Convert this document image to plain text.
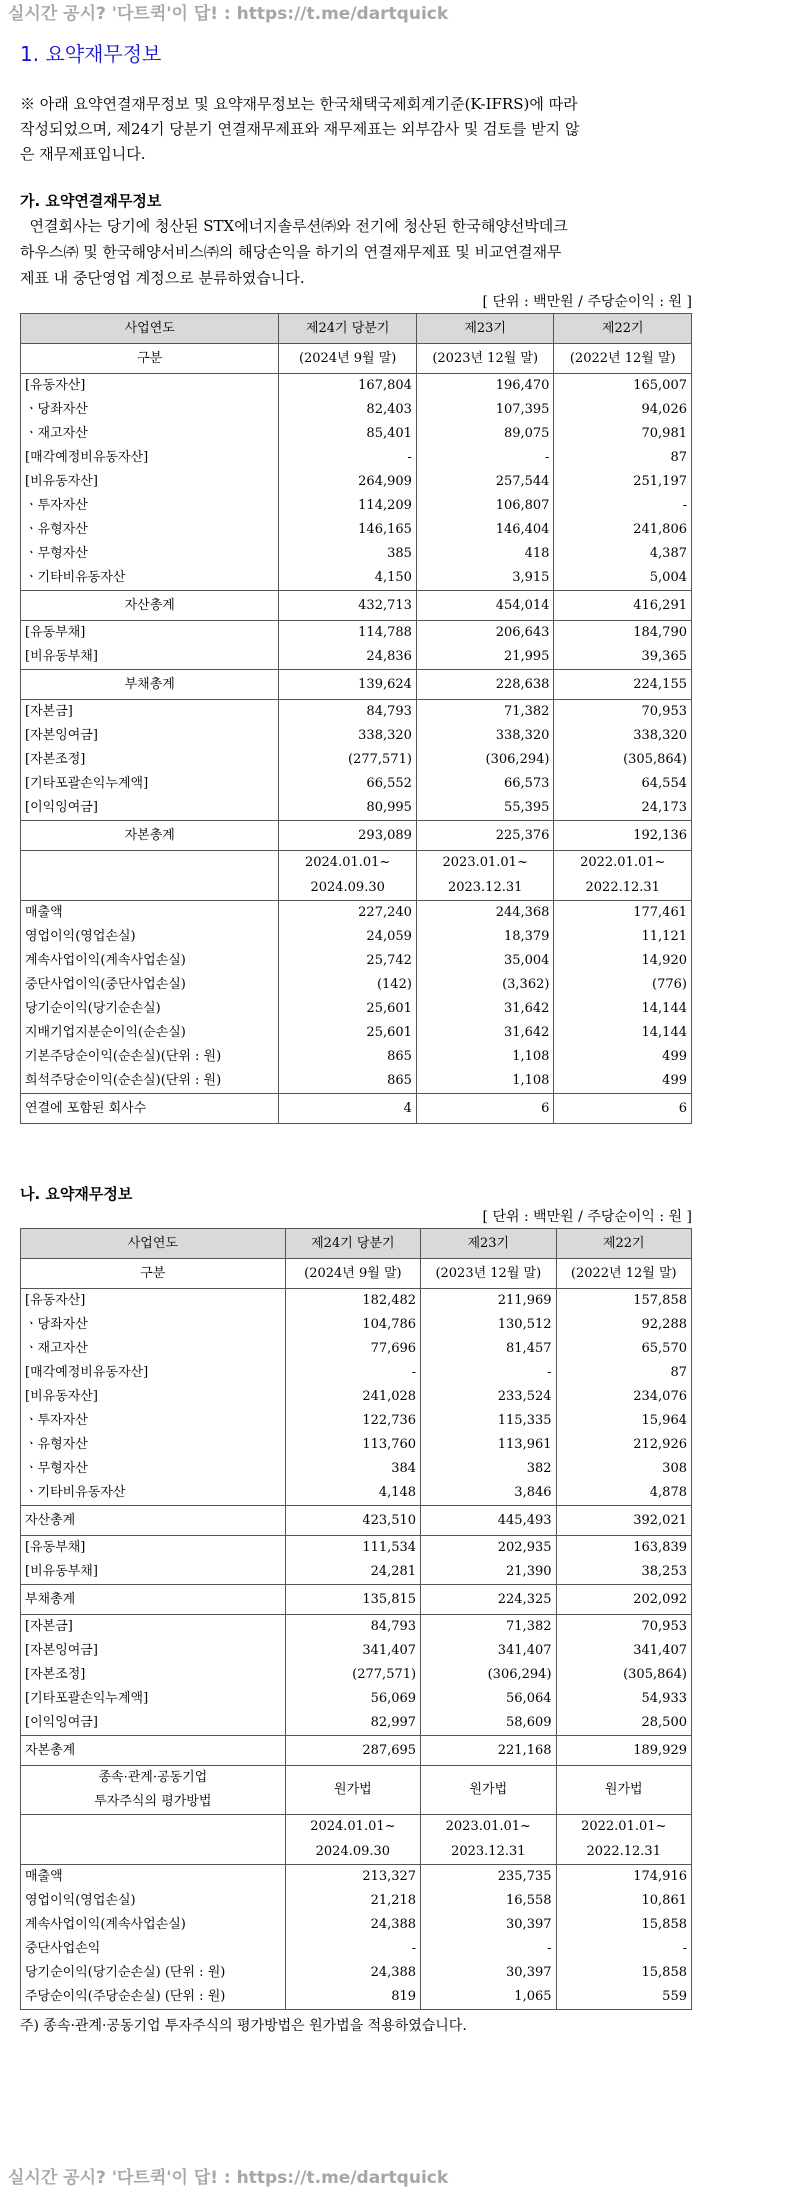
실시간 공시? '다트퀵'이 답! : https://t.me/dartquick
1. 요약재무정보
※ 아래 요약연결재무정보 및 요약재무정보는 한국채택국제회계기준(K-IFRS)에 따라
작성되었으며, 제24기 당분기 연결재무제표와 재무제표는 외부감사 및 검토를 받지 않
은 재무제표입니다.
가. 요약연결재무정보
연결회사는 당기에 청산된 STX에너지솔루션㈜와 전기에 청산된 한국해양선박데크
하우스㈜ 및 한국해양서비스㈜의 해당손익을 하기의 연결재무제표 및 비교연결재무
제표 내 중단영업 계정으로 분류하였습니다.
[ 단위 : 백만원 / 주당순이익 : 원 ]
사업연도	제24기 당분기	제23기	제22기
구분	(2024년 9월 말)	(2023년 12월 말)	(2022년 12월 말)
[유동자산]	167,804	196,470	165,007
ㆍ당좌자산	82,403	107,395	94,026
ㆍ재고자산	85,401	89,075	70,981
[매각예정비유동자산]	-	-	87
[비유동자산]	264,909	257,544	251,197
ㆍ투자자산	114,209	106,807	-
ㆍ유형자산	146,165	146,404	241,806
ㆍ무형자산	385	418	4,387
ㆍ기타비유동자산	4,150	3,915	5,004
자산총계	432,713	454,014	416,291
[유동부채]	114,788	206,643	184,790
[비유동부채]	24,836	21,995	39,365
부채총계	139,624	228,638	224,155
[자본금]	84,793	71,382	70,953
[자본잉여금]	338,320	338,320	338,320
[자본조정]	(277,571)	(306,294)	(305,864)
[기타포괄손익누계액]	66,552	66,573	64,554
[이익잉여금]	80,995	55,395	24,173
자본총계	293,089	225,376	192,136
	2024.01.01~	2023.01.01~	2022.01.01~
	2024.09.30	2023.12.31	2022.12.31
매출액	227,240	244,368	177,461
영업이익(영업손실)	24,059	18,379	11,121
계속사업이익(계속사업손실)	25,742	35,004	14,920
중단사업이익(중단사업손실)	(142)	(3,362)	(776)
당기순이익(당기순손실)	25,601	31,642	14,144
지배기업지분순이익(순손실)	25,601	31,642	14,144
기본주당순이익(순손실)(단위 : 원)	865	1,108	499
희석주당순이익(순손실)(단위 : 원)	865	1,108	499
연결에 포함된 회사수	4	6	6
나. 요약재무정보
[ 단위 : 백만원 / 주당순이익 : 원 ]
사업연도	제24기 당분기	제23기	제22기
구분	(2024년 9월 말)	(2023년 12월 말)	(2022년 12월 말)
[유동자산]	182,482	211,969	157,858
ㆍ당좌자산	104,786	130,512	92,288
ㆍ재고자산	77,696	81,457	65,570
[매각예정비유동자산]	-	-	87
[비유동자산]	241,028	233,524	234,076
ㆍ투자자산	122,736	115,335	15,964
ㆍ유형자산	113,760	113,961	212,926
ㆍ무형자산	384	382	308
ㆍ기타비유동자산	4,148	3,846	4,878
자산총계	423,510	445,493	392,021
[유동부채]	111,534	202,935	163,839
[비유동부채]	24,281	21,390	38,253
부채총계	135,815	224,325	202,092
[자본금]	84,793	71,382	70,953
[자본잉여금]	341,407	341,407	341,407
[자본조정]	(277,571)	(306,294)	(305,864)
[기타포괄손익누계액]	56,069	56,064	54,933
[이익잉여금]	82,997	58,609	28,500
자본총계	287,695	221,168	189,929
종속·관계·공동기업	원가법	원가법	원가법
투자주식의 평가방법			
	2024.01.01~	2023.01.01~	2022.01.01~
	2024.09.30	2023.12.31	2022.12.31
매출액	213,327	235,735	174,916
영업이익(영업손실)	21,218	16,558	10,861
계속사업이익(계속사업손실)	24,388	30,397	15,858
중단사업손익	-	-	-
당기순이익(당기순손실) (단위 : 원)	24,388	30,397	15,858
주당순이익(주당순손실) (단위 : 원)	819	1,065	559
주) 종속·관계·공동기업 투자주식의 평가방법은 원가법을 적용하였습니다.
실시간 공시? '다트퀵'이 답! : https://t.me/dartquick
